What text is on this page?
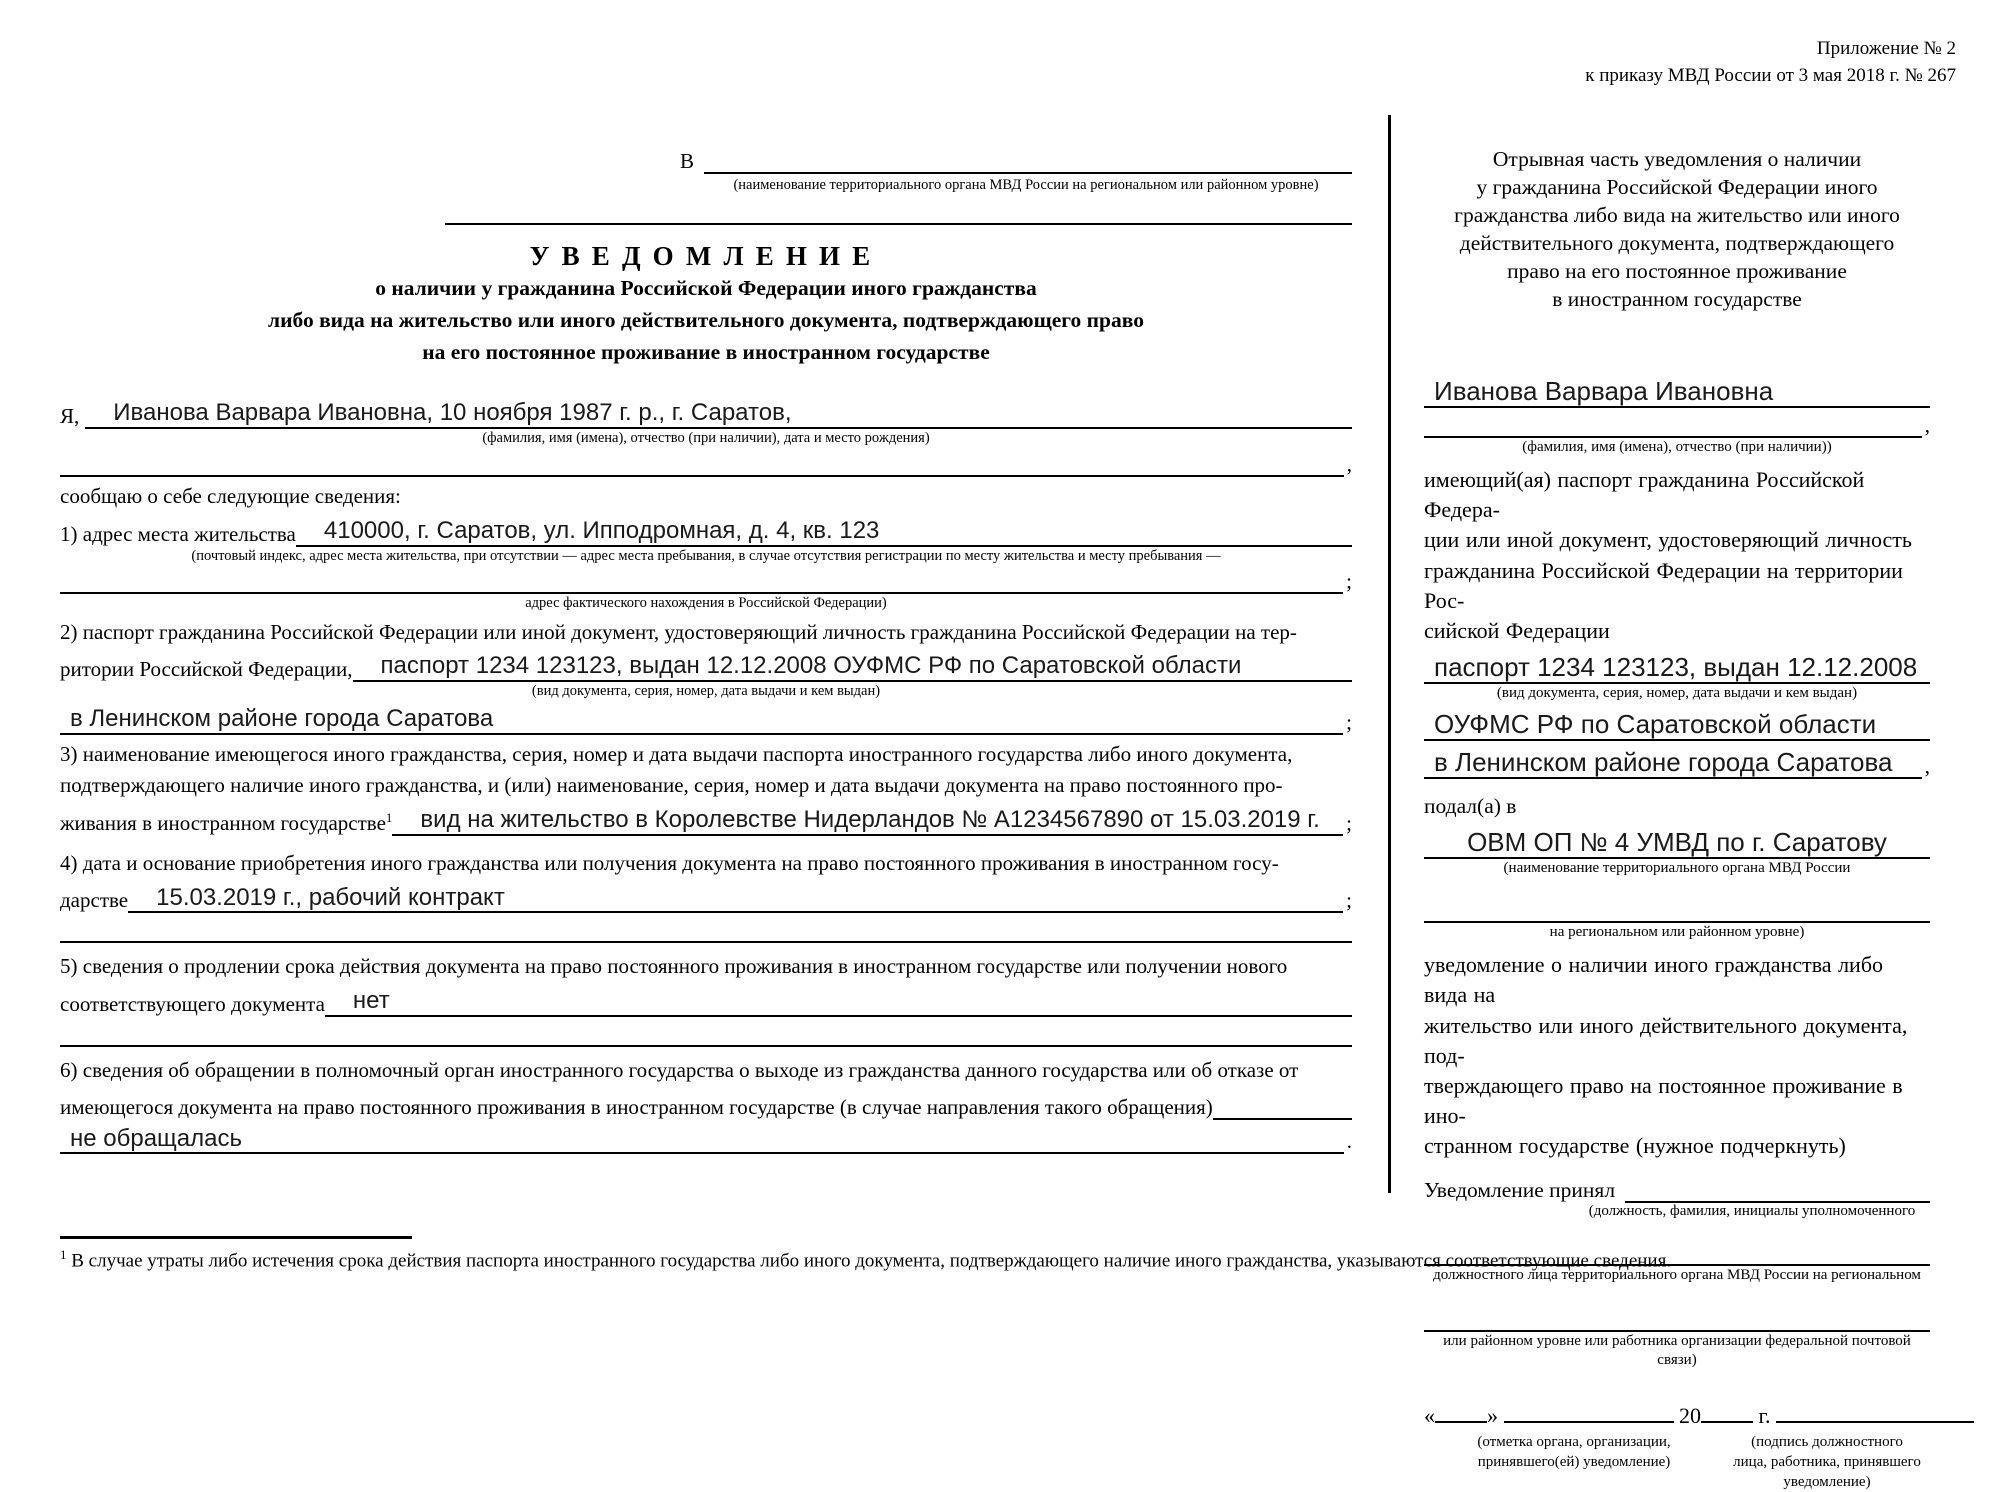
Приложение № 2
к приказу МВД России от 3 мая 2018 г. № 267
В
(наименование территориального органа МВД России на региональном или районном уровне)
УВЕДОМЛЕНИЕ
о наличии у гражданина Российской Федерации иного гражданства
либо вида на жительство или иного действительного документа, подтверждающего право
на его постоянное проживание в иностранном государстве
Я,	Иванова Варвара Ивановна, 10 ноября 1987 г. р., г. Саратов,
(фамилия, имя (имена), отчество (при наличии), дата и место рождения)
,
сообщаю о себе следующие сведения:
1) адрес места жительства	410000, г. Саратов, ул. Ипподромная, д. 4, кв. 123
(почтовый индекс, адрес места жительства, при отсутствии — адрес места пребывания, в случае отсутствия регистрации по месту жительства и месту пребывания —
;
адрес фактического нахождения в Российской Федерации)
2) паспорт гражданина Российской Федерации или иной документ, удостоверяющий личность гражданина Российской Федерации на тер-
ритории Российской Федерации,	паспорт 1234 123123, выдан 12.12.2008 ОУФМС РФ по Саратовской области
(вид документа, серия, номер, дата выдачи и кем выдан)
в Ленинском районе города Саратова	;
3) наименование имеющегося иного гражданства, серия, номер и дата выдачи паспорта иностранного государства либо иного документа,
подтверждающего наличие иного гражданства, и (или) наименование, серия, номер и дата выдачи документа на право постоянного про-
живания в иностранном государстве$^1$	вид на жительство в Королевстве Нидерландов № А1234567890 от 15.03.2019 г.	;
4) дата и основание приобретения иного гражданства или получения документа на право постоянного проживания в иностранном госу-
дарстве	15.03.2019 г., рабочий контракт	;
5) сведения о продлении срока действия документа на право постоянного проживания в иностранном государстве или получении нового
соответствующего документа	нет
6) сведения об обращении в полномочный орган иностранного государства о выходе из гражданства данного государства или об отказе от
имеющегося документа на право постоянного проживания в иностранном государстве (в случае направления такого обращения)
не обращалась	.
Отрывная часть уведомления о наличии
у гражданина Российской Федерации иного
гражданства либо вида на жительство или иного
действительного документа, подтверждающего
право на его постоянное проживание
в иностранном государстве
Иванова Варвара Ивановна
,
(фамилия, имя (имена), отчество (при наличии))
имеющий(ая) паспорт гражданина Российской Федера-
ции или иной документ, удостоверяющий личность
гражданина Российской Федерации на территории Рос-
сийской Федерации
паспорт 1234 123123, выдан 12.12.2008
(вид документа, серия, номер, дата выдачи и кем выдан)
ОУФМС РФ по Саратовской области
в Ленинском районе города Саратова	,
подал(а) в
ОВМ ОП № 4 УМВД по г. Саратову
(наименование территориального органа МВД России
на региональном или районном уровне)
уведомление о наличии иного гражданства либо вида на
жительство или иного действительного документа, под-
тверждающего право на постоянное проживание в ино-
странном государстве (нужное подчеркнуть)
Уведомление принял
(должность, фамилия, инициалы уполномоченного
должностного лица территориального органа МВД России на региональном
или районном уровне или работника организации федеральной почтовой связи)
« »	20	г.
(отметка органа, организации,
принявшего(ей) уведомление)
(подпись должностного
лица, работника, принявшего
уведомление)
$^1$ В случае утраты либо истечения срока действия паспорта иностранного государства либо иного документа, подтверждающего наличие иного гражданства, указываются соответствующие сведения.
